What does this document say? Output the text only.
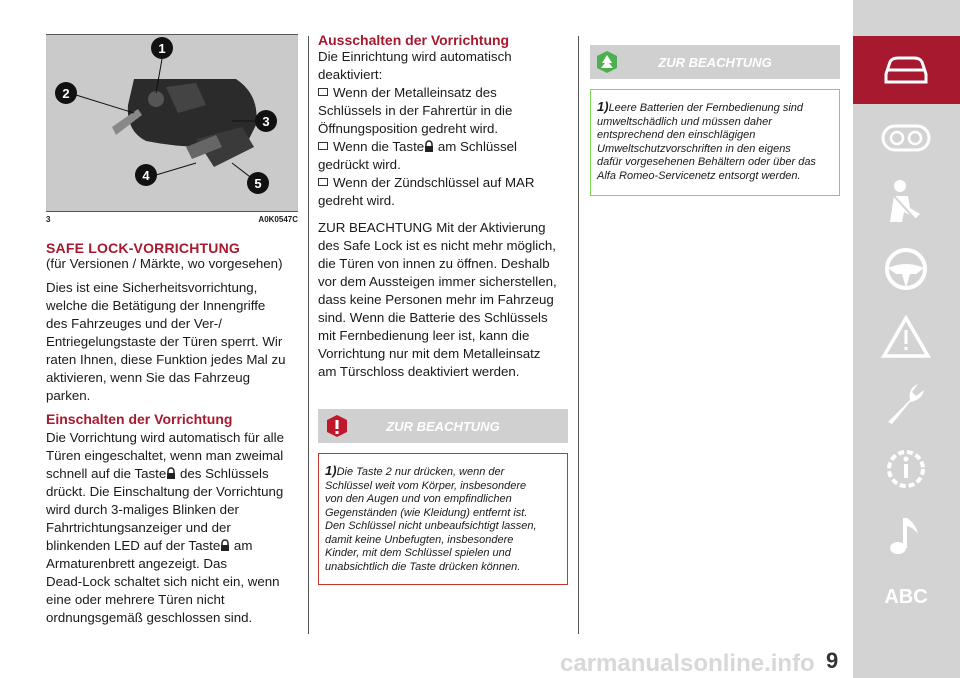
1
2
3
4
5
3	A0K0547C
SAFE LOCK-VORRICHTUNG

(für Versionen / Märkte, wo vorgesehen)

Dies ist eine Sicherheitsvorrichtung,

welche die Betätigung der Innengriffe

des Fahrzeuges und der Ver-/

Entriegelungstaste der Türen sperrt. Wir

raten Ihnen, diese Funktion jedes Mal zu

aktivieren, wenn Sie das Fahrzeug

parken.

Einschalten der Vorrichtung

Die Vorrichtung wird automatisch für alle

Türen eingeschaltet, wenn man zweimal

schnell auf die Taste des Schlüssels

drückt. Die Einschaltung der Vorrichtung

wird durch 3-maliges Blinken der

Fahrtrichtungsanzeiger und der

blinkenden LED auf der Taste am

Armaturenbrett angezeigt. Das

Dead-Lock schaltet sich nicht ein, wenn

eine oder mehrere Türen nicht

ordnungsgemäß geschlossen sind.

Ausschalten der Vorrichtung

Die Einrichtung wird automatisch

deaktiviert:

Wenn der Metalleinsatz des

Schlüssels in der Fahrertür in die

Öffnungsposition gedreht wird.

Wenn die Taste am Schlüssel

gedrückt wird.

Wenn der Zündschlüssel auf MAR

gedreht wird.

ZUR BEACHTUNG Mit der Aktivierung

des Safe Lock ist es nicht mehr möglich,

die Türen von innen zu öffnen. Deshalb

vor dem Aussteigen immer sicherstellen,

dass keine Personen mehr im Fahrzeug

sind. Wenn die Batterie des Schlüssels

mit Fernbedienung leer ist, kann die

Vorrichtung nur mit dem Metalleinsatz

am Türschloss deaktiviert werden.

ZUR BEACHTUNG

1)Die Taste 2 nur drücken, wenn der

Schlüssel weit vom Körper, insbesondere

von den Augen und von empfindlichen

Gegenständen (wie Kleidung) entfernt ist.

Den Schlüssel nicht unbeaufsichtigt lassen,

damit keine Unbefugten, insbesondere

Kinder, mit dem Schlüssel spielen und

unabsichtlich die Taste drücken können.

ZUR BEACHTUNG

1)Leere Batterien der Fernbedienung sind

umweltschädlich und müssen daher

entsprechend den einschlägigen

Umweltschutzvorschriften in den eigens

dafür vorgesehenen Behältern oder über das

Alfa Romeo-Servicenetz entsorgt werden.

ABC
carmanualsonline.info 9
